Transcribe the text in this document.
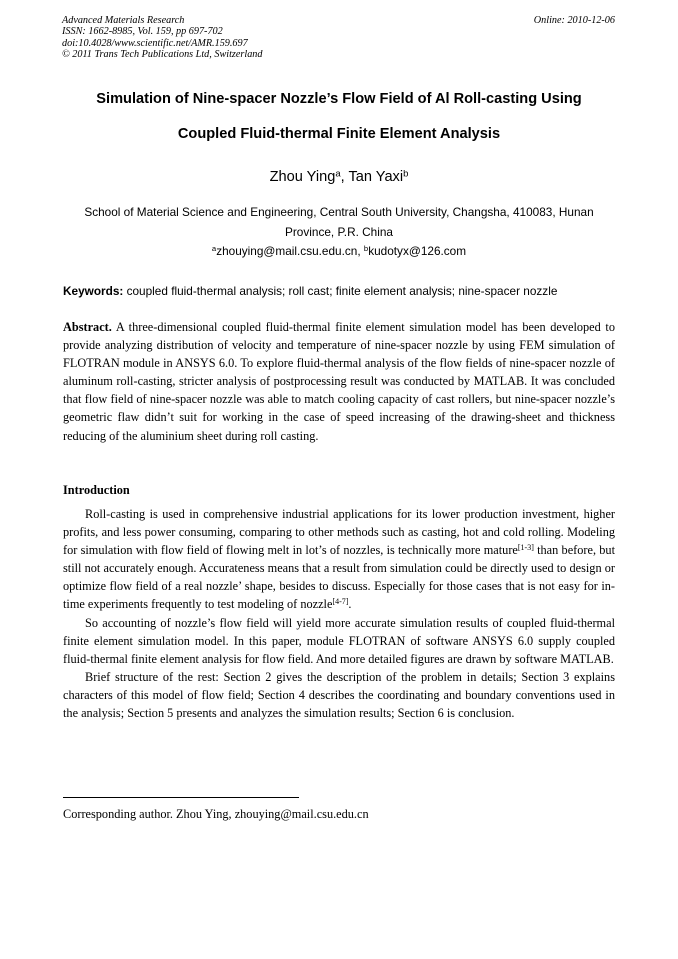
Advanced Materials Research
ISSN: 1662-8985, Vol. 159, pp 697-702
doi:10.4028/www.scientific.net/AMR.159.697
© 2011 Trans Tech Publications Ltd, Switzerland
Online: 2010-12-06
Simulation of Nine-spacer Nozzle’s Flow Field of Al Roll-casting Using
Coupled Fluid-thermal Finite Element Analysis
Zhou Ying$^a$, Tan Yaxi$^b$
School of Material Science and Engineering, Central South University, Changsha, 410083, Hunan Province, P.R. China
$^a$zhouying@mail.csu.edu.cn, $^b$kudotyx@126.com
Keywords: coupled fluid-thermal analysis; roll cast; finite element analysis; nine-spacer nozzle
Abstract. A three-dimensional coupled fluid-thermal finite element simulation model has been developed to provide analyzing distribution of velocity and temperature of nine-spacer nozzle by using FEM simulation of FLOTRAN module in ANSYS 6.0. To explore fluid-thermal analysis of the flow fields of nine-spacer nozzle of aluminum roll-casting, stricter analysis of postprocessing result was conducted by MATLAB. It was concluded that flow field of nine-spacer nozzle was able to match cooling capacity of cast rollers, but nine-spacer nozzle’s geometric flaw didn’t suit for working in the case of speed increasing of the drawing-sheet and thickness reducing of the aluminium sheet during roll casting.
Introduction

Roll-casting is used in comprehensive industrial applications for its lower production investment, higher profits, and less power consuming, comparing to other methods such as casting, hot and cold rolling. Modeling for simulation with flow field of flowing melt in lot’s of nozzles, is technically more mature[1-3] than before, but still not accurately enough. Accurateness means that a result from simulation could be directly used to design or optimize flow field of a real nozzle’ shape, besides to discuss. Especially for those cases that is not easy for in-time experiments frequently to test modeling of nozzle[4-7].

So accounting of nozzle’s flow field will yield more accurate simulation results of coupled fluid-thermal finite element simulation model. In this paper, module FLOTRAN of software ANSYS 6.0 supply coupled fluid-thermal finite element analysis for flow field. And more detailed figures are drawn by software MATLAB.

Brief structure of the rest: Section 2 gives the description of the problem in details; Section 3 explains characters of this model of flow field; Section 4 describes the coordinating and boundary conventions used in the analysis; Section 5 presents and analyzes the simulation results; Section 6 is conclusion.

Corresponding author. Zhou Ying, zhouying@mail.csu.edu.cn
